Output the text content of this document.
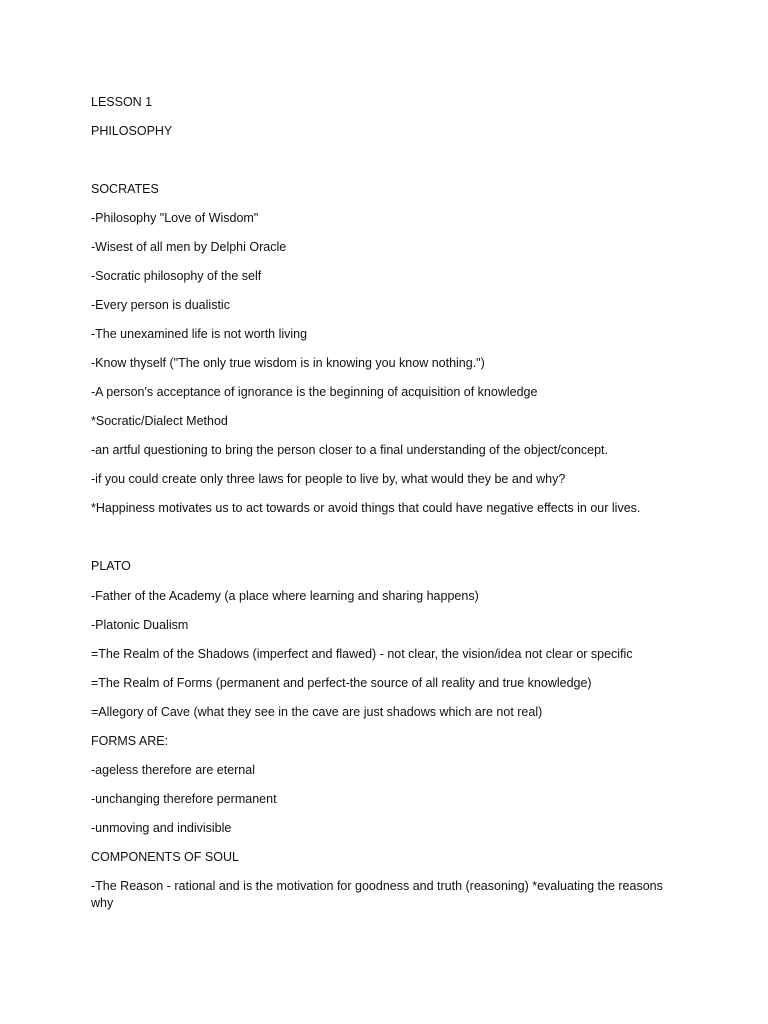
LESSON 1
PHILOSOPHY
SOCRATES
-Philosophy "Love of Wisdom"
-Wisest of all men by Delphi Oracle
-Socratic philosophy of the self
-Every person is dualistic
-The unexamined life is not worth living
-Know thyself ("The only true wisdom is in knowing you know nothing.")
-A person's acceptance of ignorance is the beginning of acquisition of knowledge
*Socratic/Dialect Method
-an artful questioning to bring the person closer to a final understanding of the object/concept.
-if you could create only three laws for people to live by, what would they be and why?
*Happiness motivates us to act towards or avoid things that could have negative effects in our lives.
PLATO
-Father of the Academy (a place where learning and sharing happens)
-Platonic Dualism
=The Realm of the Shadows (imperfect and flawed) - not clear, the vision/idea not clear or specific
=The Realm of Forms (permanent and perfect-the source of all reality and true knowledge)
=Allegory of Cave (what they see in the cave are just shadows which are not real)
FORMS ARE:
-ageless therefore are eternal
-unchanging therefore permanent
-unmoving and indivisible
COMPONENTS OF SOUL
-The Reason - rational and is the motivation for goodness and truth (reasoning) *evaluating the reasons why
